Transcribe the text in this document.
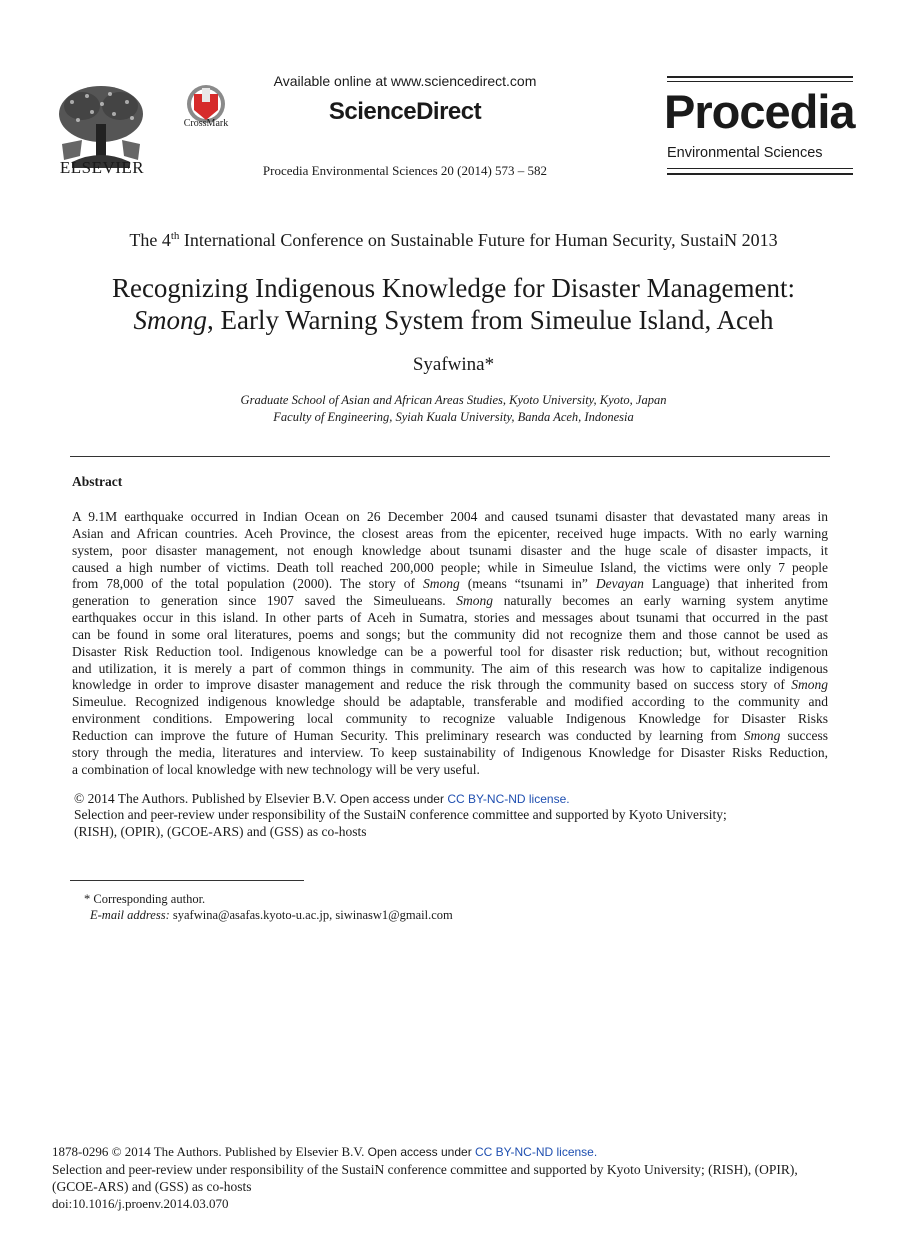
ELSEVIER
CrossMark
Available online at www.sciencedirect.com
ScienceDirect
Procedia Environmental Sciences 20 (2014) 573 – 582
Procedia
Environmental Sciences
The 4th International Conference on Sustainable Future for Human Security, SustaiN 2013
Recognizing Indigenous Knowledge for Disaster Management:
Smong, Early Warning System from Simeulue Island, Aceh
Syafwina*
Graduate School of Asian and African Areas Studies, Kyoto University, Kyoto, Japan
Faculty of Engineering, Syiah Kuala University, Banda Aceh, Indonesia
Abstract
A 9.1M earthquake occurred in Indian Ocean on 26 December 2004 and caused tsunami disaster that devastated many areas in
Asian and African countries. Aceh Province, the closest areas from the epicenter, received huge impacts. With no early warning
system, poor disaster management, not enough knowledge about tsunami disaster and the huge scale of disaster impacts, it
caused a high number of victims. Death toll reached 200,000 people; while in Simeulue Island, the victims were only 7 people
from 78,000 of the total population (2000). The story of Smong (means “tsunami in” Devayan Language) that inherited from
generation to generation since 1907 saved the Simeulueans. Smong naturally becomes an early warning system anytime
earthquakes occur in this island. In other parts of Aceh in Sumatra, stories and messages about tsunami that occurred in the past
can be found in some oral literatures, poems and songs; but the community did not recognize them and those cannot be used as
Disaster Risk Reduction tool. Indigenous knowledge can be a powerful tool for disaster risk reduction; but, without recognition
and utilization, it is merely a part of common things in community. The aim of this research was how to capitalize indigenous
knowledge in order to improve disaster management and reduce the risk through the community based on success story of Smong
Simeulue. Recognized indigenous knowledge should be adaptable, transferable and modified according to the community and
environment conditions. Empowering local community to recognize valuable Indigenous Knowledge for Disaster Risks
Reduction can improve the future of Human Security. This preliminary research was conducted by learning from Smong success
story through the media, literatures and interview. To keep sustainability of Indigenous Knowledge for Disaster Risks Reduction,
a combination of local knowledge with new technology will be very useful.
© 2014 The Authors. Published by Elsevier B.V. Open access under CC BY-NC-ND license.
Selection and peer-review under responsibility of the SustaiN conference committee and supported by Kyoto University;
(RISH), (OPIR), (GCOE-ARS) and (GSS) as co-hosts
* Corresponding author.
E-mail address: syafwina@asafas.kyoto-u.ac.jp, siwinasw1@gmail.com
1878-0296 © 2014 The Authors. Published by Elsevier B.V. Open access under CC BY-NC-ND license.
Selection and peer-review under responsibility of the SustaiN conference committee and supported by Kyoto University; (RISH), (OPIR),
(GCOE-ARS) and (GSS) as co-hosts
doi:10.1016/j.proenv.2014.03.070
